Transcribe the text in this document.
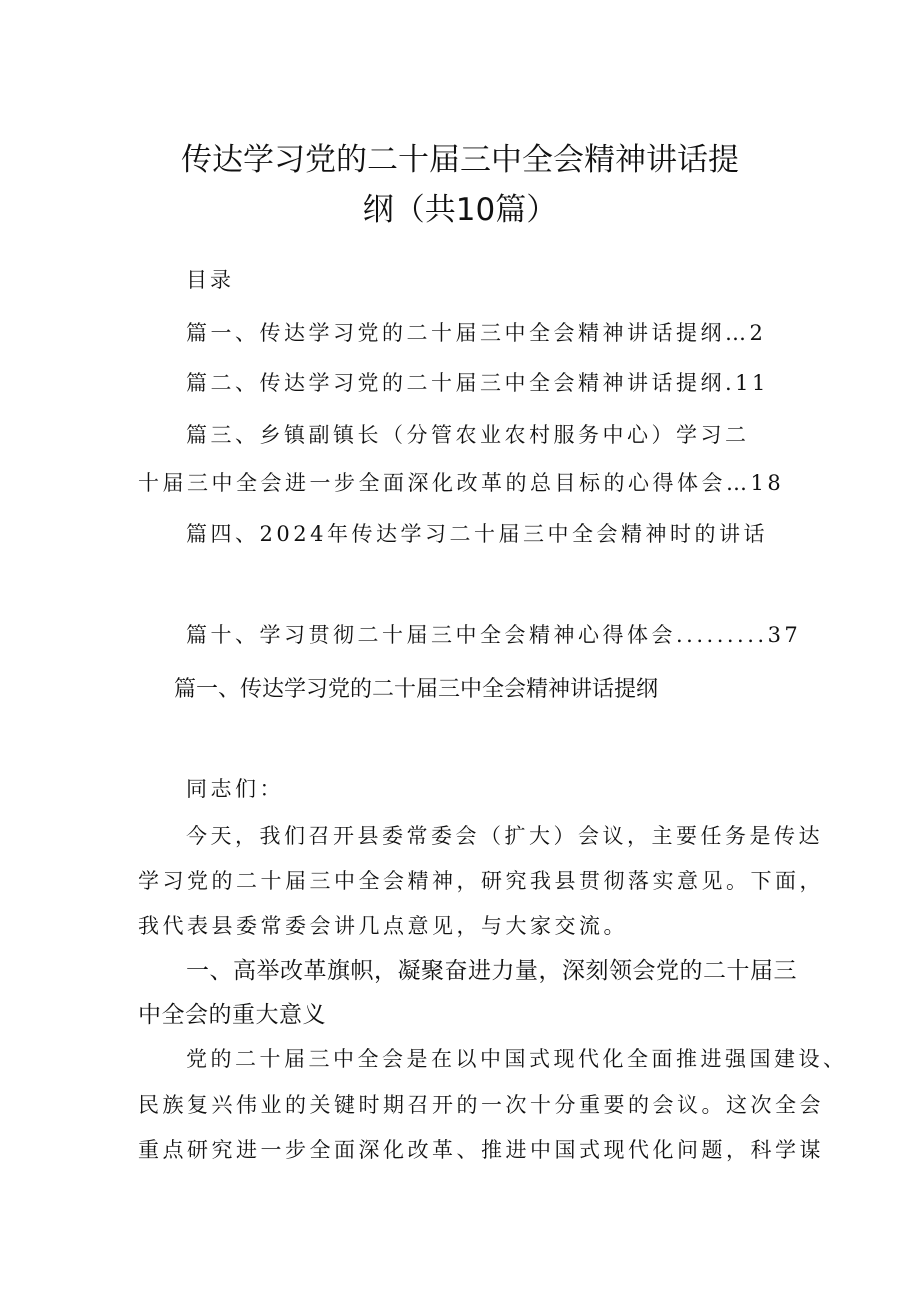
传达学习党的二十届三中全会精神讲话提
纲（共10篇）
目录
篇一、传达学习党的二十届三中全会精神讲话提纲…2
篇二、传达学习党的二十届三中全会精神讲话提纲.11
篇三、乡镇副镇长（分管农业农村服务中心）学习二
十届三中全会进一步全面深化改革的总目标的心得体会…18
篇四、2024年传达学习二十届三中全会精神时的讲话
篇十、学习贯彻二十届三中全会精神心得体会.........37
篇一、传达学习党的二十届三中全会精神讲话提纲
同志们：
今天，我们召开县委常委会（扩大）会议，主要任务是传达
学习党的二十届三中全会精神，研究我县贯彻落实意见。下面，
我代表县委常委会讲几点意见，与大家交流。
一、高举改革旗帜，凝聚奋进力量，深刻领会党的二十届三
中全会的重大意义
党的二十届三中全会是在以中国式现代化全面推进强国建设、
民族复兴伟业的关键时期召开的一次十分重要的会议。这次全会
重点研究进一步全面深化改革、推进中国式现代化问题，科学谋
